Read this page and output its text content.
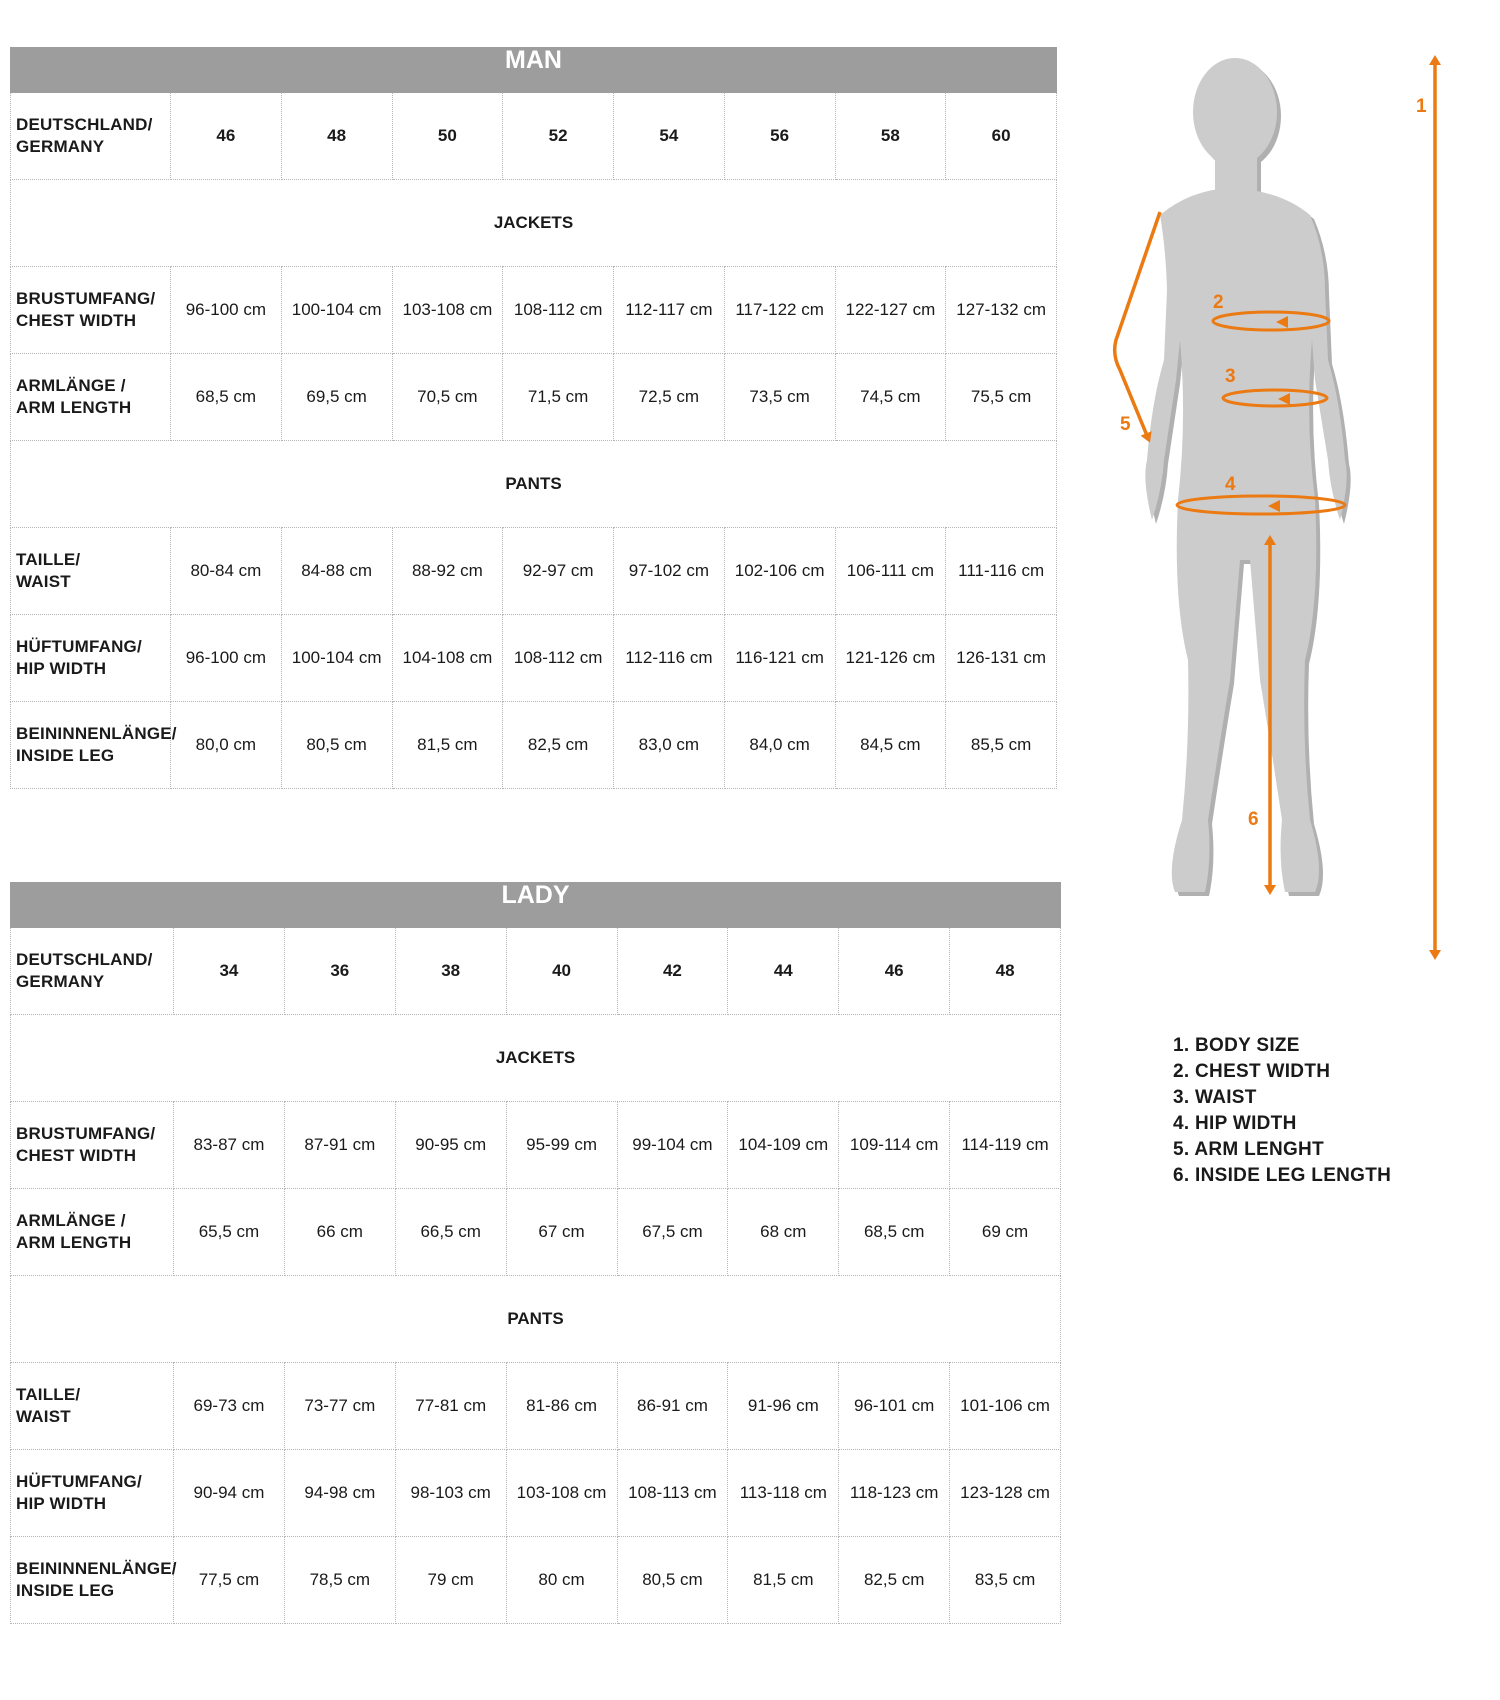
MAN								

DEUTSCHLAND/
GERMANY	46	48	50	52	54	56	58	60
JACKETS								

BRUSTUMFANG/
CHEST WIDTH	96-100 cm	100-104 cm	103-108 cm	108-112 cm	112-117 cm	117-122 cm	122-127 cm	127-132 cm

ARMLÄNGE /
ARM LENGTH	68,5 cm	69,5 cm	70,5 cm	71,5 cm	72,5 cm	73,5 cm	74,5 cm	75,5 cm
PANTS								

TAILLE/
WAIST	80-84 cm	84-88 cm	88-92 cm	92-97 cm	97-102 cm	102-106 cm	106-111 cm	111-116 cm

HÜFTUMFANG/
HIP WIDTH	96-100 cm	100-104 cm	104-108 cm	108-112 cm	112-116 cm	116-121 cm	121-126 cm	126-131 cm

BEININNENLÄNGE/
INSIDE LEG	80,0 cm	80,5 cm	81,5 cm	82,5 cm	83,0 cm	84,0 cm	84,5 cm	85,5 cm
LADY								

DEUTSCHLAND/
GERMANY	34	36	38	40	42	44	46	48
JACKETS								

BRUSTUMFANG/
CHEST WIDTH	83-87 cm	87-91 cm	90-95 cm	95-99 cm	99-104 cm	104-109 cm	109-114 cm	114-119 cm

ARMLÄNGE /
ARM LENGTH	65,5 cm	66 cm	66,5 cm	67 cm	67,5 cm	68 cm	68,5 cm	69 cm
PANTS								

TAILLE/
WAIST	69-73 cm	73-77 cm	77-81 cm	81-86 cm	86-91 cm	91-96 cm	96-101 cm	101-106 cm

HÜFTUMFANG/
HIP WIDTH	90-94 cm	94-98 cm	98-103 cm	103-108 cm	108-113 cm	113-118 cm	118-123 cm	123-128 cm

BEININNENLÄNGE/
INSIDE LEG	77,5 cm	78,5 cm	79 cm	80 cm	80,5 cm	81,5 cm	82,5 cm	83,5 cm
1
2
3
4
5
6
1. BODY SIZE
2. CHEST WIDTH
3. WAIST
4. HIP WIDTH
5. ARM LENGHT
6. INSIDE LEG LENGTH
